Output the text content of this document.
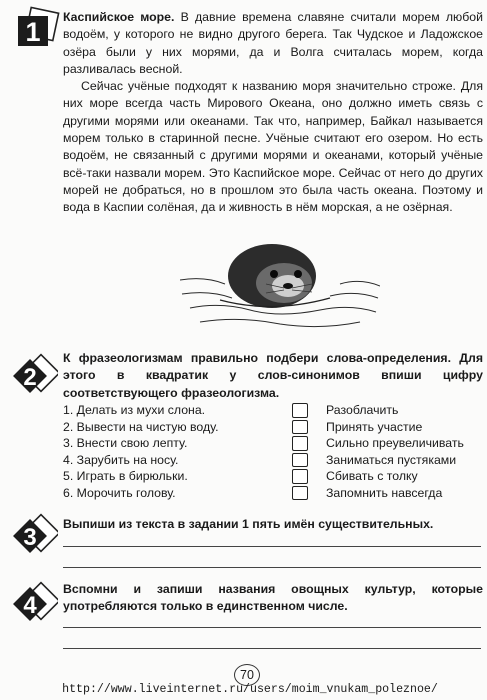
1 Каспийское море. В давние времена славяне считали морем любой водоём, у которого не видно другого берега. Так Чудское и Ладожское озёра были у них морями, да и Волга считалась морем, когда разливалась весной.

Сейчас учёные подходят к названию моря значительно строже. Для них море всегда часть Мирового Океана, оно должно иметь связь с другими морями или океанами. Так что, например, Байкал называется морем только в старинной песне. Учёные считают его озером. Но есть водоём, не связанный с другими морями и океанами, который учёные всё-таки назвали морем. Это Каспийское море. Сейчас от него до других морей не добраться, но в прошлом это была часть океана. Поэтому и вода в Каспии солёная, да и живность в нём морская, а не озёрная.

2
К фразеологизмам правильно подбери слова-определения. Для этого в квадратик у слов-синонимов впиши цифру соответствующего фразеологизма.
1. Делать из мухи слона.
2. Вывести на чистую воду.
3. Внести свою лепту.
4. Зарубить на носу.
5. Играть в бирюльки.
6. Морочить голову.
Разоблачить
Принять участие
Сильно преувеличивать
Заниматься пустяками
Сбивать с толку
Запомнить навсегда
3 Выпиши из текста в задании 1 пять имён существительных.
4
Вспомни и запиши названия овощных культур, которые употребляются только в единственном числе.
70
http://www.liveinternet.ru/users/moim_vnukam_poleznoe/
